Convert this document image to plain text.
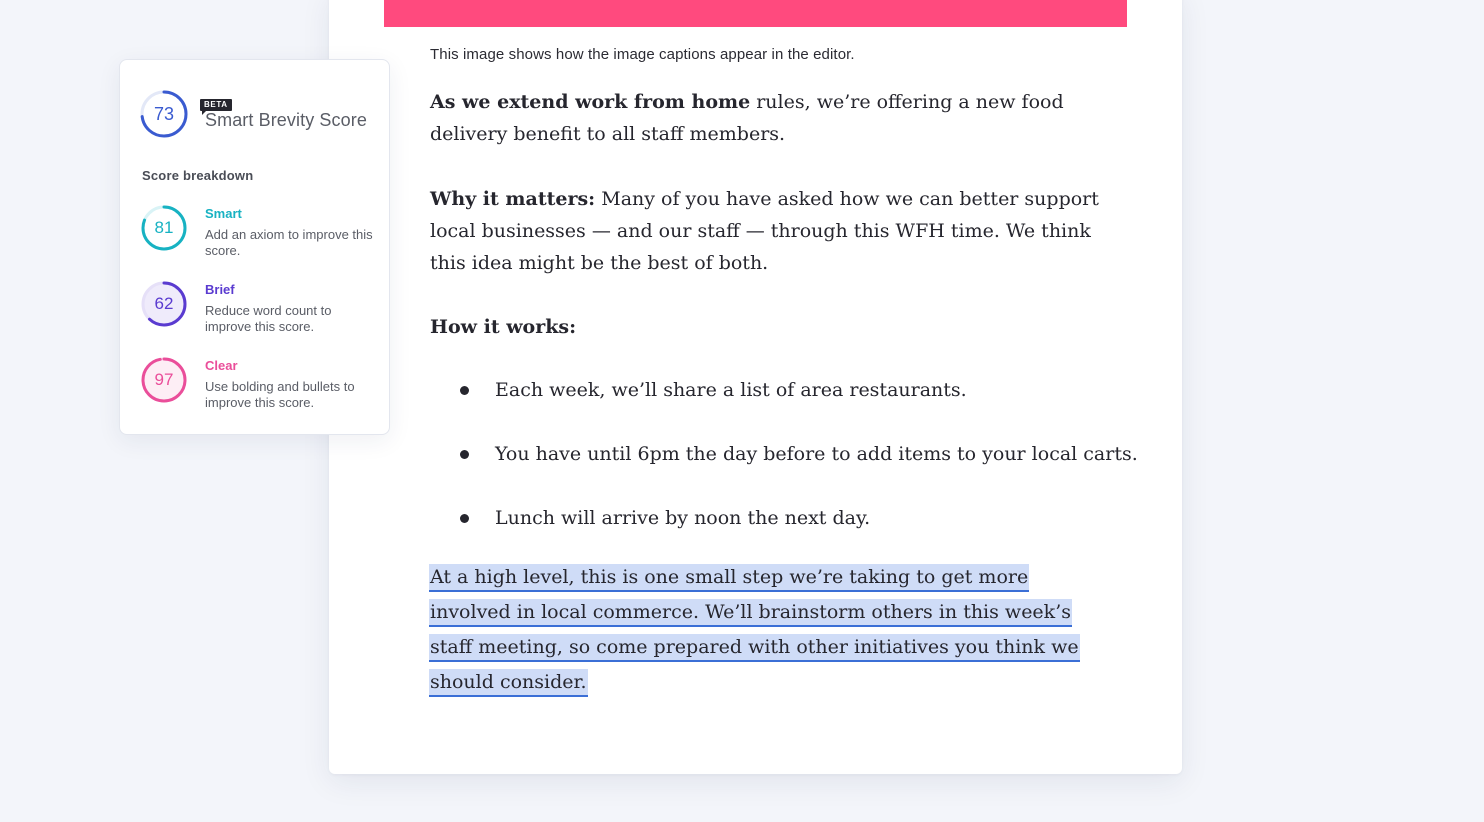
This image shows how the image captions appear in the editor.
As we extend work from home rules, we’re offering a new food delivery benefit to all staff members.
Why it matters: Many of you have asked how we can better support local businesses — and our staff — through this WFH time. We think this idea might be the best of both.
How it works:
Each week, we’ll share a list of area restaurants.
You have until 6pm the day before to add items to your local carts.
Lunch will arrive by noon the next day.
At a high level, this is one small step we’re taking to get more
involved in local commerce. We’ll brainstorm others in this week’s
staff meeting, so come prepared with other initiatives you think we
should consider.
73	BETA
Smart Brevity Score
Score breakdown
81
Smart
Add an axiom to improve this score.
62
Brief
Reduce word count to improve this score.
97
Clear
Use bolding and bullets to improve this score.
